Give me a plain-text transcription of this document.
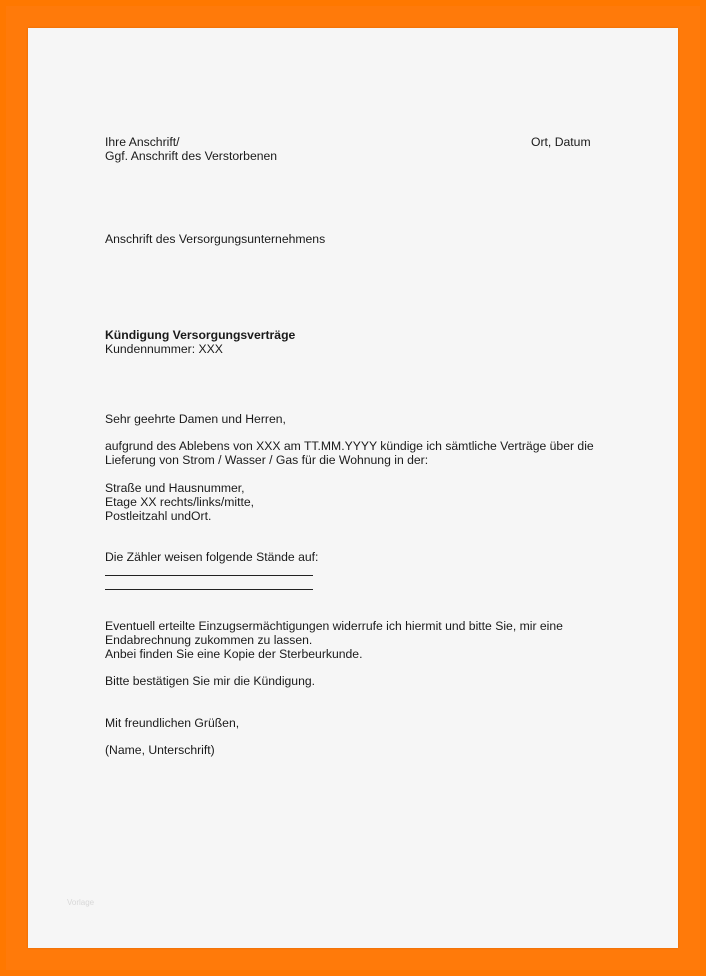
Ihre Anschrift/
Ggf. Anschrift des Verstorbenen
Ort, Datum
Anschrift des Versorgungsunternehmens
Kündigung Versorgungsverträge
Kundennummer: XXX
Sehr geehrte Damen und Herren,
aufgrund des Ablebens von XXX am TT.MM.YYYY kündige ich sämtliche Verträge über die
Lieferung von Strom / Wasser / Gas für die Wohnung in der:
Straße und Hausnummer,
Etage XX rechts/links/mitte,
Postleitzahl undOrt.
Die Zähler weisen folgende Stände auf:
Eventuell erteilte Einzugsermächtigungen widerrufe ich hiermit und bitte Sie, mir eine
Endabrechnung zukommen zu lassen.
Anbei finden Sie eine Kopie der Sterbeurkunde.
Bitte bestätigen Sie mir die Kündigung.
Mit freundlichen Grüßen,
(Name, Unterschrift)
Vorlage
